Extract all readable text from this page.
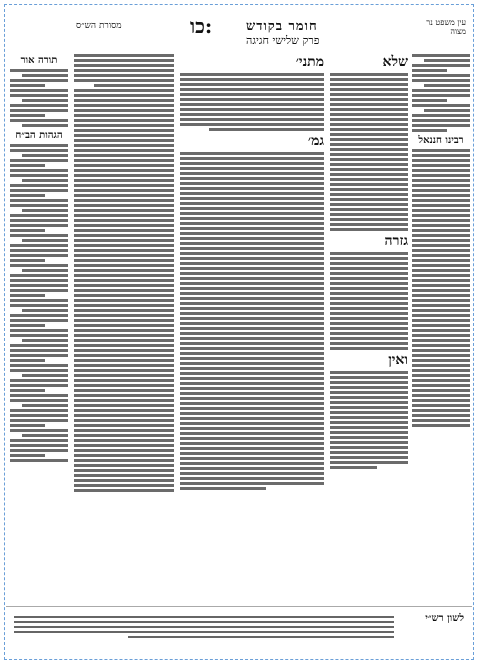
מסורת הש״ס	כו:	חומר בקודש
פרק שלישי חגיגה
עין משפט נר מצוה
תורה אור
הגהות הב״ח
מתני׳
גמ׳
שלא
גזרה
ואין
רבינו חננאל
לשון רש״י
